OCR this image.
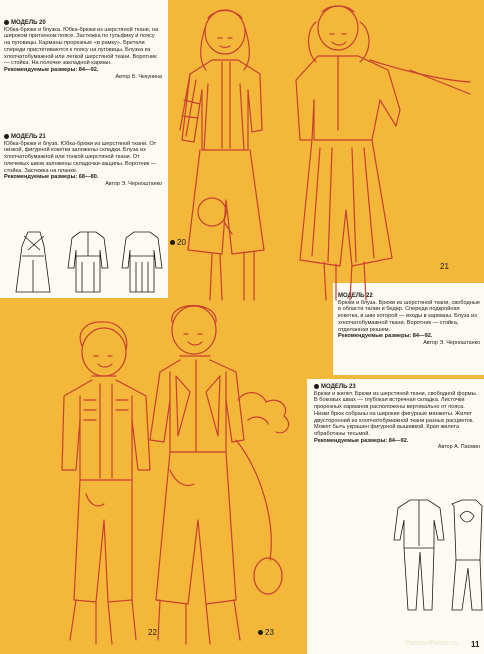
МОДЕЛЬ 20
Юбка-брюки и блузка. Юбка-брюки из шерстяной ткани, на широком притачном поясе. Застежка по гульфику и поясу на пуговицы. Карманы прорезные «в рамку». Бретели спереди пристегиваются к поясу на пуговицы. Блузка из хлопчатобумажной или легкой шерстяной ткани. Воротник — стойка. На полочке закладной карман.
Рекомендуемые размеры: 84—92.
Автор Б. Чекунина
МОДЕЛЬ 21
Юбка-брюки и блуза. Юбка-брюки из шерстяной ткани. От низкой, фигурной кокетки заложены складки. Блуза из хлопчатобумажной или тонкой шерстяной ткани. От плечевых швов заложены складочки-защипы. Воротник — стойка. Застежка на планке.
Рекомендуемые размеры: 68—80.
Автор Э. Черноштанко
МОДЕЛЬ 22
Брюки и блуза. Брюки из шерстяной ткани, свободные в области талии и бедер. Спереди подкройная кокетка, в шве которой — входы в карманы. Блуза из хлопчатобумажной ткани. Воротник — стойка, отделанная рюшем.
Рекомендуемые размеры: 84—92.
Автор Э. Черноштанко
МОДЕЛЬ 23
Брюки и жилет. Брюки из шерстяной ткани, свободной формы. В боковых швах — глубокая встречная складка. Листочки прорезных карманов расположены вертикально от пояса. Низки брюк собраны на широкие фигурные манжеты. Жилет двусторонний из хлопчатобумажной ткани разных расцветок. Может быть украшен фигурной вышивкой. Края жилета обработаны тесьмой.
Рекомендуемые размеры: 84—92.
Автор А. Пасмин
20
21
22	23
PassionForum.ru 11
